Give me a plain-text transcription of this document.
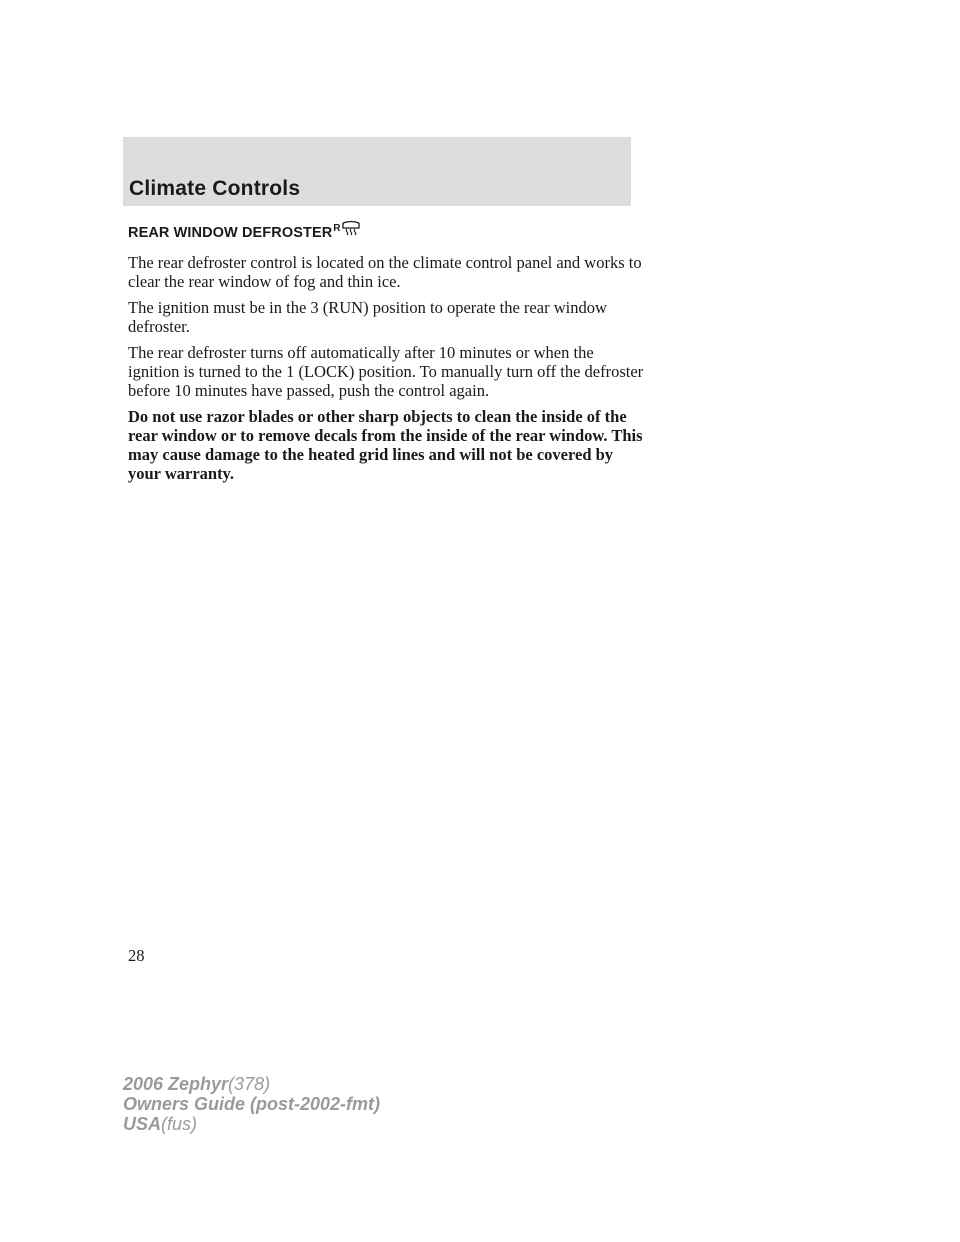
Climate Controls
REAR WINDOW DEFROSTER R

The rear defroster control is located on the climate control panel and works to clear the rear window of fog and thin ice.

The ignition must be in the 3 (RUN) position to operate the rear window defroster.

The rear defroster turns off automatically after 10 minutes or when the ignition is turned to the 1 (LOCK) position. To manually turn off the defroster before 10 minutes have passed, push the control again.

Do not use razor blades or other sharp objects to clean the inside of the rear window or to remove decals from the inside of the rear window. This may cause damage to the heated grid lines and will not be covered by your warranty.

28
2006 Zephyr(378)
Owners Guide (post-2002-fmt)
USA(fus)
